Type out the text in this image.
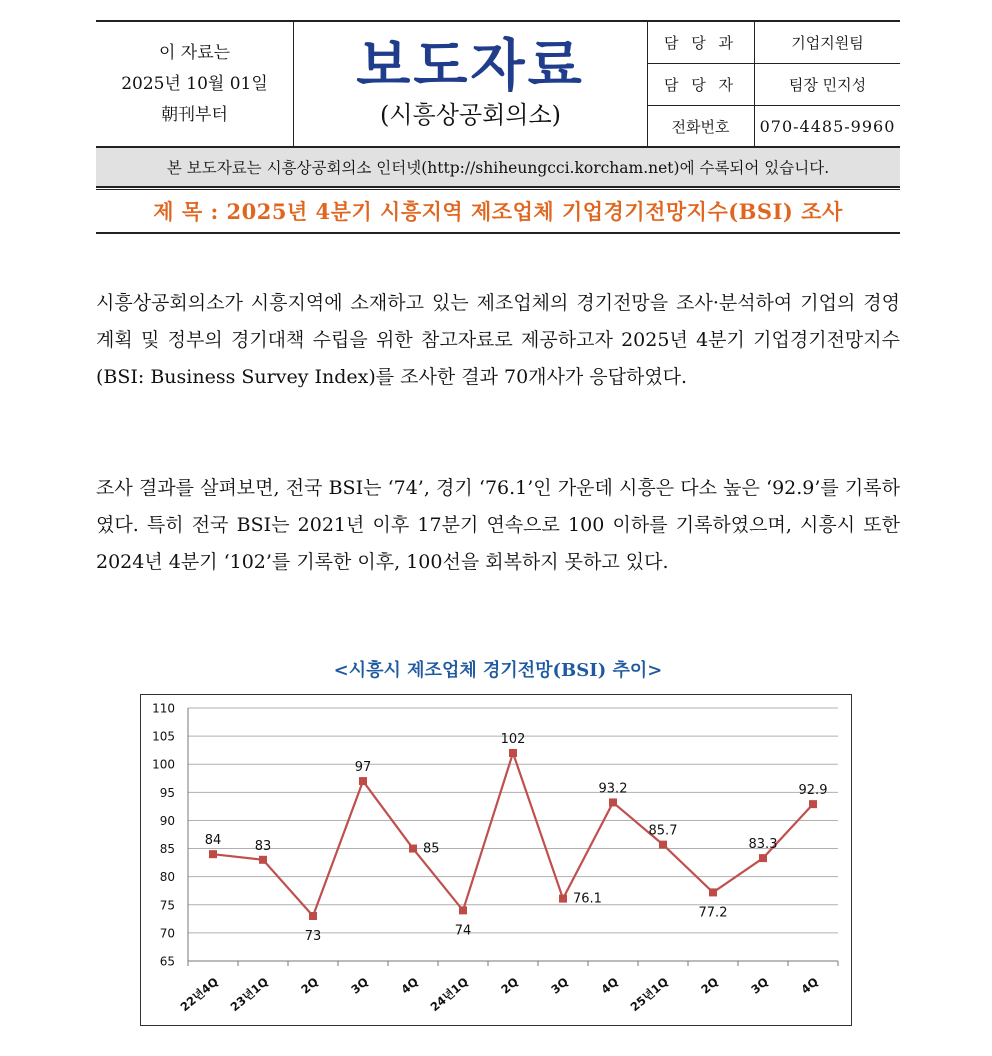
이 자료는
2025년 10월 01일
朝刊부터
보도자료
(시흥상공회의소)
담 당 과	기업지원팀
담 당 자	팀장 민지성
전화번호	070-4485-9960
본 보도자료는 시흥상공회의소 인터넷(http://shiheungcci.korcham.net)에 수록되어 있습니다.
제 목 : 2025년 4분기 시흥지역 제조업체 기업경기전망지수(BSI) 조사

시흥상공회의소가 시흥지역에 소재하고 있는 제조업체의 경기전망을 조사·분석하여 기업의 경영계획 및 정부의 경기대책 수립을 위한 참고자료로 제공하고자 2025년 4분기 기업경기전망지수(BSI: Business Survey Index)를 조사한 결과 70개사가 응답하였다.

조사 결과를 살펴보면, 전국 BSI는 ‘74’, 경기 ‘76.1’인 가운데 시흥은 다소 높은 ‘92.9’를 기록하였다. 특히 전국 BSI는 2021년 이후 17분기 연속으로 100 이하를 기록하였으며, 시흥시 또한 2024년 4분기 ‘102’를 기록한 이후, 100선을 회복하지 못하고 있다.

<시흥시 제조업체 경기전망(BSI) 추이>
65
70
75
80
85
90
95
100
105
110
22년4Q 23년1Q 2Q 3Q 4Q 24년1Q 2Q 3Q 4Q 25년1Q 2Q 3Q 4Q
84	83
73
97
85
74
102
76.1
93.2
85.7
77.2
83.3
92.9
